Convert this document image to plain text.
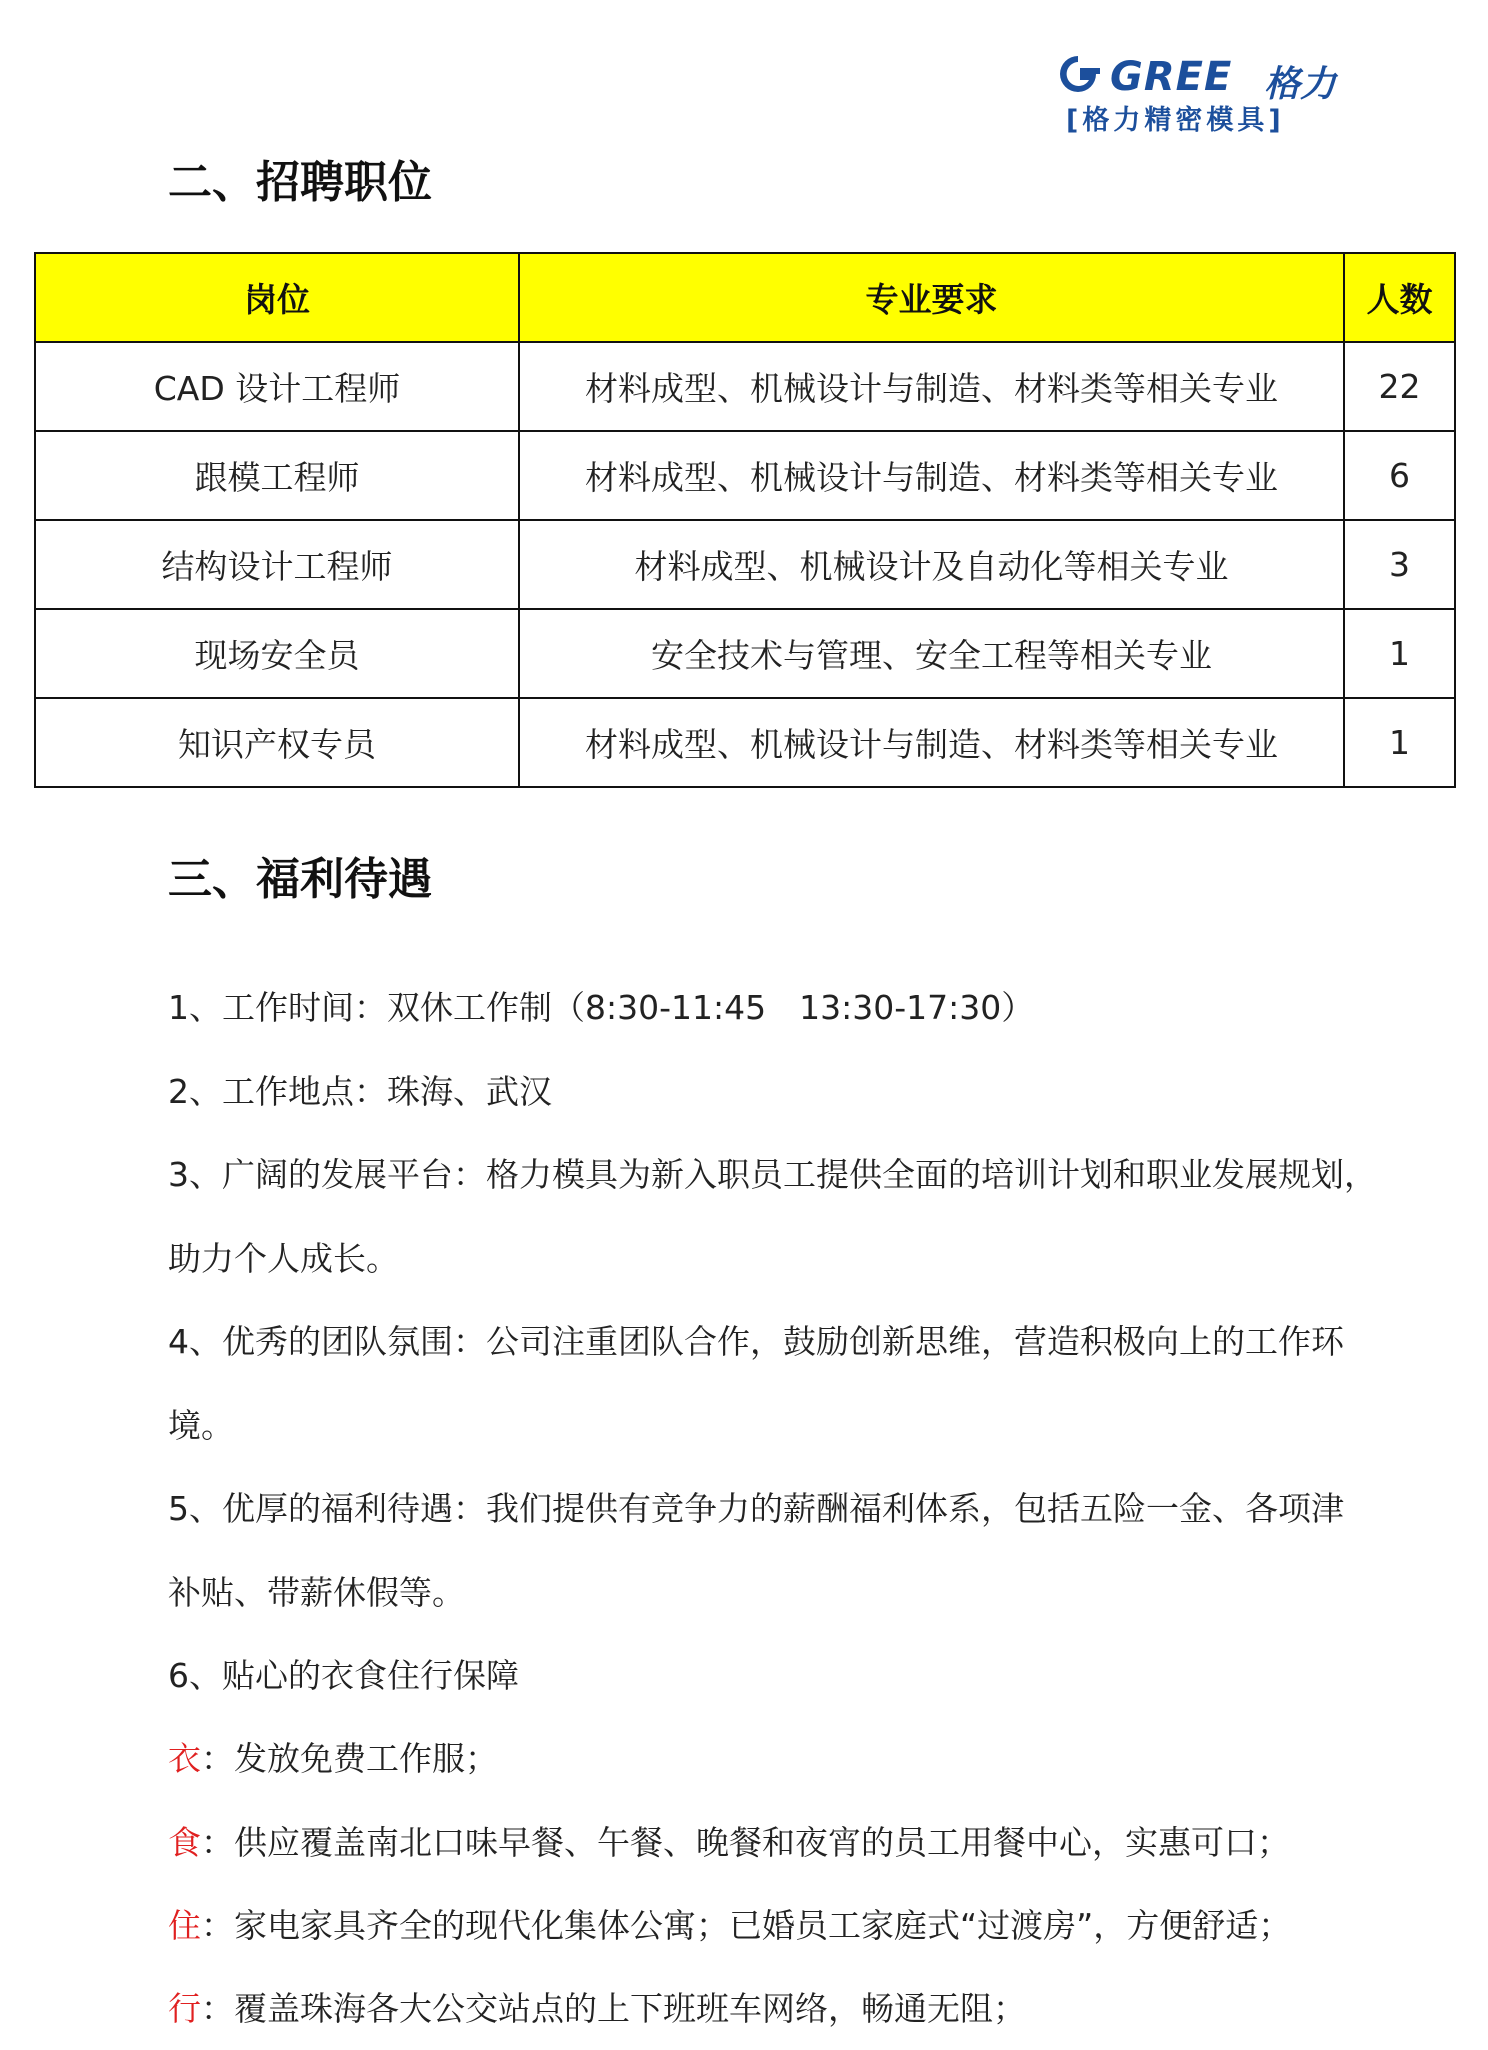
GREE 格力
[格力精密模具]
二、招聘职位
岗位	专业要求	人数
CAD 设计工程师	材料成型、机械设计与制造、材料类等相关专业	22
跟模工程师	材料成型、机械设计与制造、材料类等相关专业	6
结构设计工程师	材料成型、机械设计及自动化等相关专业	3
现场安全员	安全技术与管理、安全工程等相关专业	1
知识产权专员	材料成型、机械设计与制造、材料类等相关专业	1
三、福利待遇
1、工作时间：双休工作制（8:30-11:45　13:30-17:30）
2、工作地点：珠海、武汉
3、广阔的发展平台：格力模具为新入职员工提供全面的培训计划和职业发展规划，
助力个人成长。
4、优秀的团队氛围：公司注重团队合作，鼓励创新思维，营造积极向上的工作环
境。
5、优厚的福利待遇：我们提供有竞争力的薪酬福利体系，包括五险一金、各项津
补贴、带薪休假等。
6、贴心的衣食住行保障
衣：发放免费工作服；
食：供应覆盖南北口味早餐、午餐、晚餐和夜宵的员工用餐中心，实惠可口；
住：家电家具齐全的现代化集体公寓；已婚员工家庭式“过渡房”，方便舒适；
行：覆盖珠海各大公交站点的上下班班车网络，畅通无阻；
